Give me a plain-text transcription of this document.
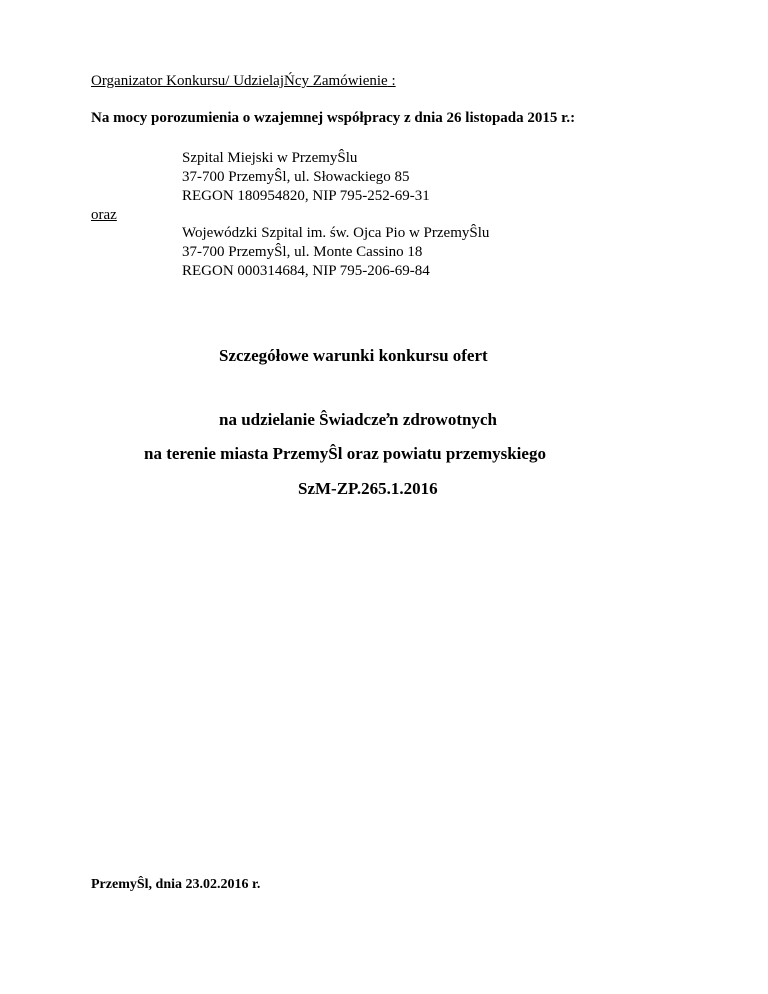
Organizator Konkursu/ UdzielajŃcy Zamówienie :
Na mocy porozumienia o wzajemnej współpracy z dnia 26 listopada 2015 r.:
Szpital Miejski w PrzemyŜlu
37-700 PrzemyŜl, ul. Słowackiego 85
REGON 180954820, NIP 795-252-69-31
oraz
Wojewódzki Szpital im. św. Ojca Pio w PrzemyŜlu
37-700 PrzemyŜl, ul. Monte Cassino 18
REGON 000314684, NIP 795-206-69-84
Szczegółowe warunki konkursu ofert
na udzielanie Ŝwiadczeŉ zdrowotnych
na terenie miasta PrzemyŜl oraz powiatu przemyskiego
SzM-ZP.265.1.2016
PrzemyŜl, dnia 23.02.2016 r.
